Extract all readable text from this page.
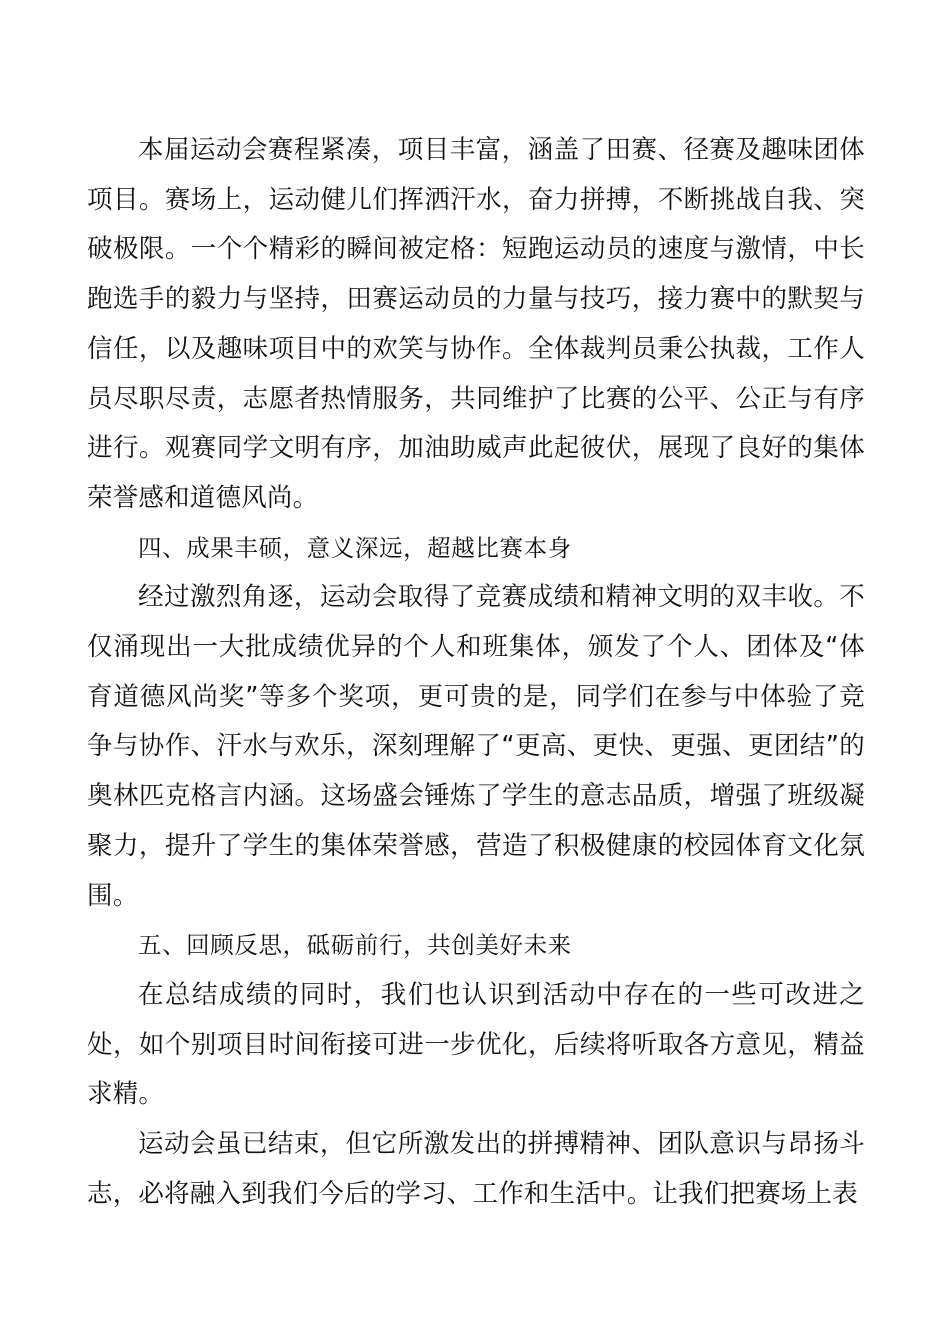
本届运动会赛程紧凑，项目丰富，涵盖了田赛、径赛及趣味团体项目。赛场上，运动健儿们挥洒汗水，奋力拼搏，不断挑战自我、突破极限。一个个精彩的瞬间被定格：短跑运动员的速度与激情，中长跑选手的毅力与坚持，田赛运动员的力量与技巧，接力赛中的默契与信任，以及趣味项目中的欢笑与协作。全体裁判员秉公执裁，工作人员尽职尽责，志愿者热情服务，共同维护了比赛的公平、公正与有序进行。观赛同学文明有序，加油助威声此起彼伏，展现了良好的集体荣誉感和道德风尚。

四、成果丰硕，意义深远，超越比赛本身

经过激烈角逐，运动会取得了竞赛成绩和精神文明的双丰收。不仅涌现出一大批成绩优异的个人和班集体，颁发了个人、团体及“体育道德风尚奖”等多个奖项，更可贵的是，同学们在参与中体验了竞争与协作、汗水与欢乐，深刻理解了“更高、更快、更强、更团结”的奥林匹克格言内涵。这场盛会锤炼了学生的意志品质，增强了班级凝聚力，提升了学生的集体荣誉感，营造了积极健康的校园体育文化氛围。

五、回顾反思，砥砺前行，共创美好未来

在总结成绩的同时，我们也认识到活动中存在的一些可改进之处，如个别项目时间衔接可进一步优化，后续将听取各方意见，精益求精。

运动会虽已结束，但它所激发出的拼搏精神、团队意识与昂扬斗志，必将融入到我们今后的学习、工作和生活中。让我们把赛场上表
